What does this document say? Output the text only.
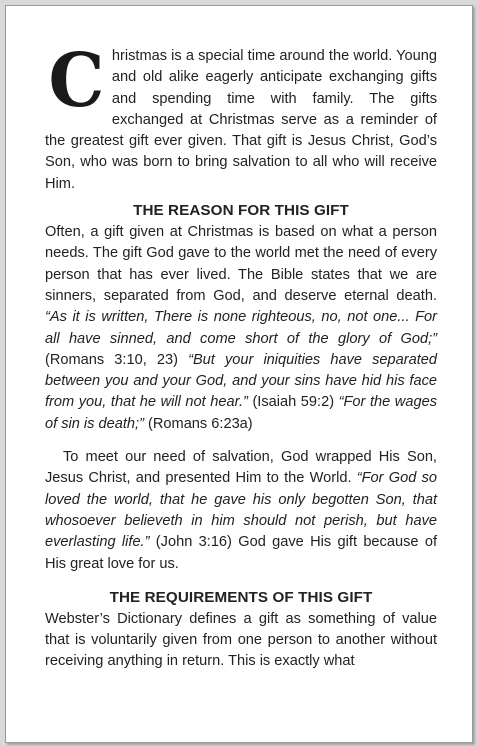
Christmas is a special time around the world. Young and old alike eagerly anticipate exchanging gifts and spending time with family. The gifts exchanged at Christmas serve as a reminder of the greatest gift ever given. That gift is Jesus Christ, God’s Son, who was born to bring salvation to all who will receive Him.

THE REASON FOR THIS GIFT

Often, a gift given at Christmas is based on what a person needs. The gift God gave to the world met the need of every person that has ever lived. The Bible states that we are sinners, separated from God, and deserve eternal death. “As it is written, There is none righteous, no, not one... For all have sinned, and come short of the glory of God;” (Romans 3:10, 23) “But your iniquities have separated between you and your God, and your sins have hid his face from you, that he will not hear.” (Isaiah 59:2) “For the wages of sin is death;” (Romans 6:23a)

To meet our need of salvation, God wrapped His Son, Jesus Christ, and presented Him to the World. “For God so loved the world, that he gave his only begotten Son, that whosoever believeth in him should not perish, but have everlasting life.” (John 3:16) God gave His gift because of His great love for us.

THE REQUIREMENTS OF THIS GIFT

Webster’s Dictionary defines a gift as something of value that is voluntarily given from one person to another without receiving anything in return. This is exactly what
